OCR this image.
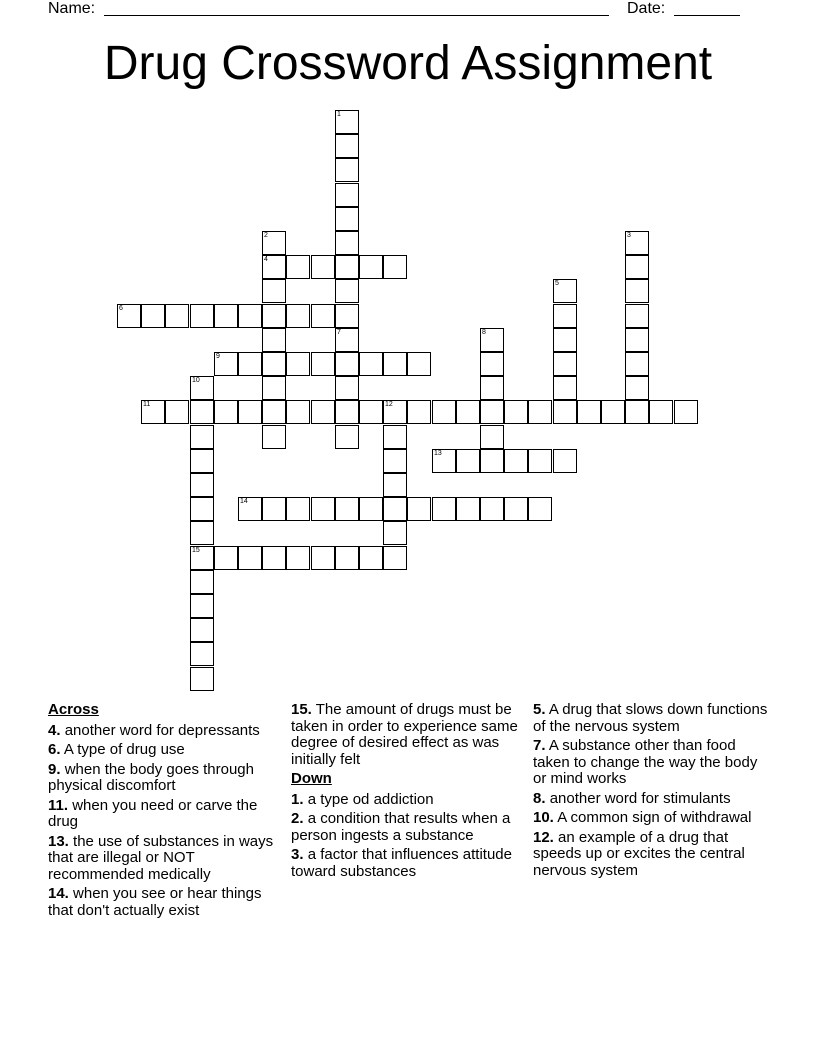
Name:	Date:
Drug Crossword Assignment
1
7
2
4
3
5
6
8
9
10
15
11	12
13
14
Across
4. another word for depressants
6. A type of drug use
9. when the body goes through physical discomfort
11. when you need or carve the drug
13. the use of substances in ways that are illegal or NOT recommended medically
14. when you see or hear things that don't actually exist
15. The amount of drugs must be taken in order to experience same degree of desired effect as was initially felt
Down
1. a type od addiction
2. a condition that results when a person ingests a substance
3. a factor that influences attitude toward substances
5. A drug that slows down functions of the nervous system
7. A substance other than food taken to change the way the body or mind works
8. another word for stimulants
10. A common sign of withdrawal
12. an example of a drug that speeds up or excites the central nervous system
